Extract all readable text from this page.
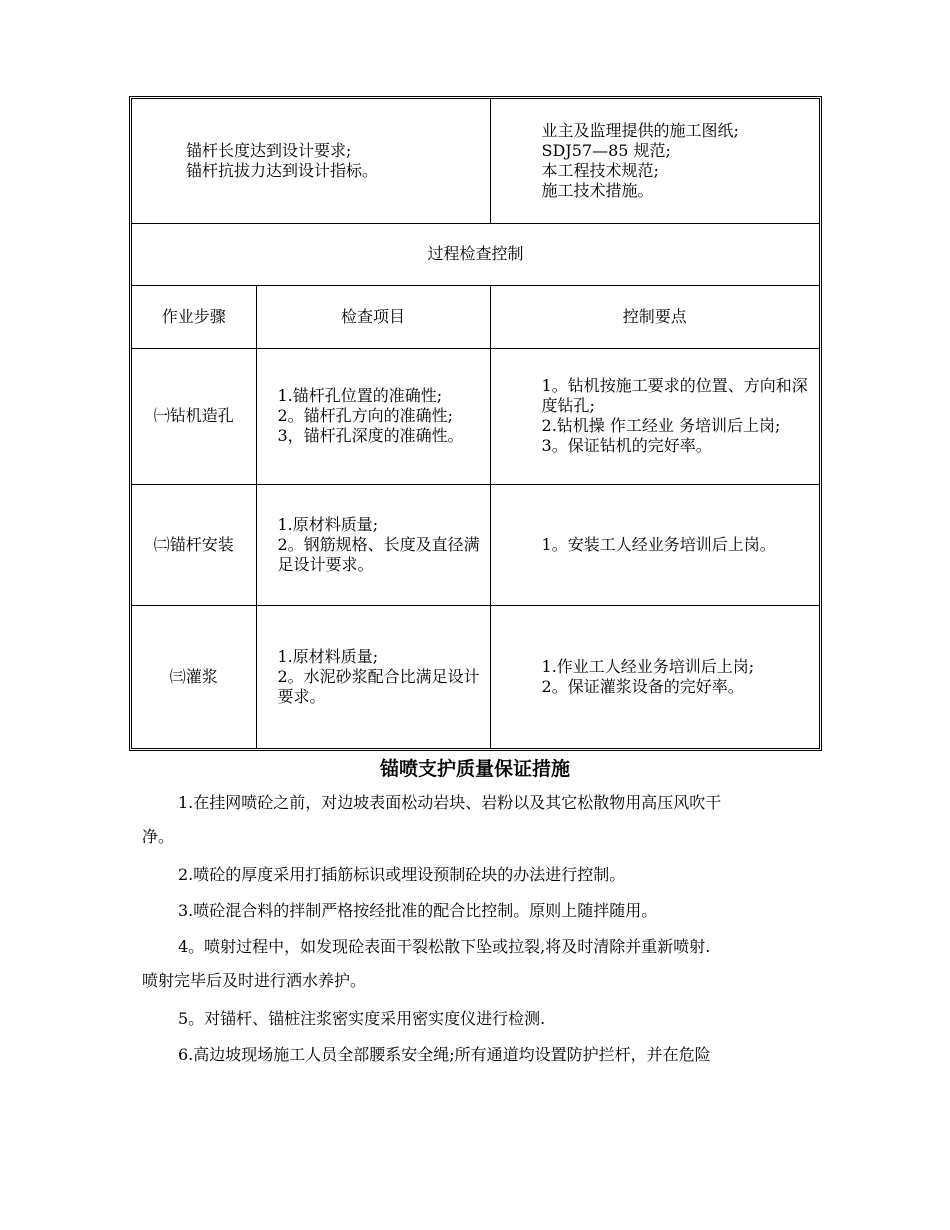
锚杆长度达到设计要求;
锚杆抗拔力达到设计指标。		业主及监理提供的施工图纸;
SDJ57—85 规范;
本工程技术规范;
施工技术措施。

过程检查控制		
作业步骤	检查项目	控制要点
㈠钻机造孔	1.锚杆孔位置的准确性;
2。锚杆孔方向的准确性;
3，锚杆孔深度的准确性。	1。钻机按施工要求的位置、方向和深度钻孔;
2.钻机操 作工经业 务培训后上岗;
3。保证钻机的完好率。

㈡锚杆安装	1.原材料质量;
2。钢筋规格、长度及直径满足设计要求。	1。安装工人经业务培训后上岗。

㈢灌浆	1.原材料质量;
2。水泥砂浆配合比满足设计要求。	1.作业工人经业务培训后上岗;
2。保证灌浆设备的完好率。
锚喷支护质量保证措施
1.在挂网喷砼之前，对边坡表面松动岩块、岩粉以及其它松散物用高压风吹干
净。
2.喷砼的厚度采用打插筋标识或埋设预制砼块的办法进行控制。
3.喷砼混合料的拌制严格按经批准的配合比控制。原则上随拌随用。
4。喷射过程中，如发现砼表面干裂松散下坠或拉裂,将及时清除并重新喷射.
喷射完毕后及时进行洒水养护。
5。对锚杆、锚桩注浆密实度采用密实度仪进行检测.
6.高边坡现场施工人员全部腰系安全绳;所有通道均设置防护拦杆，并在危险
